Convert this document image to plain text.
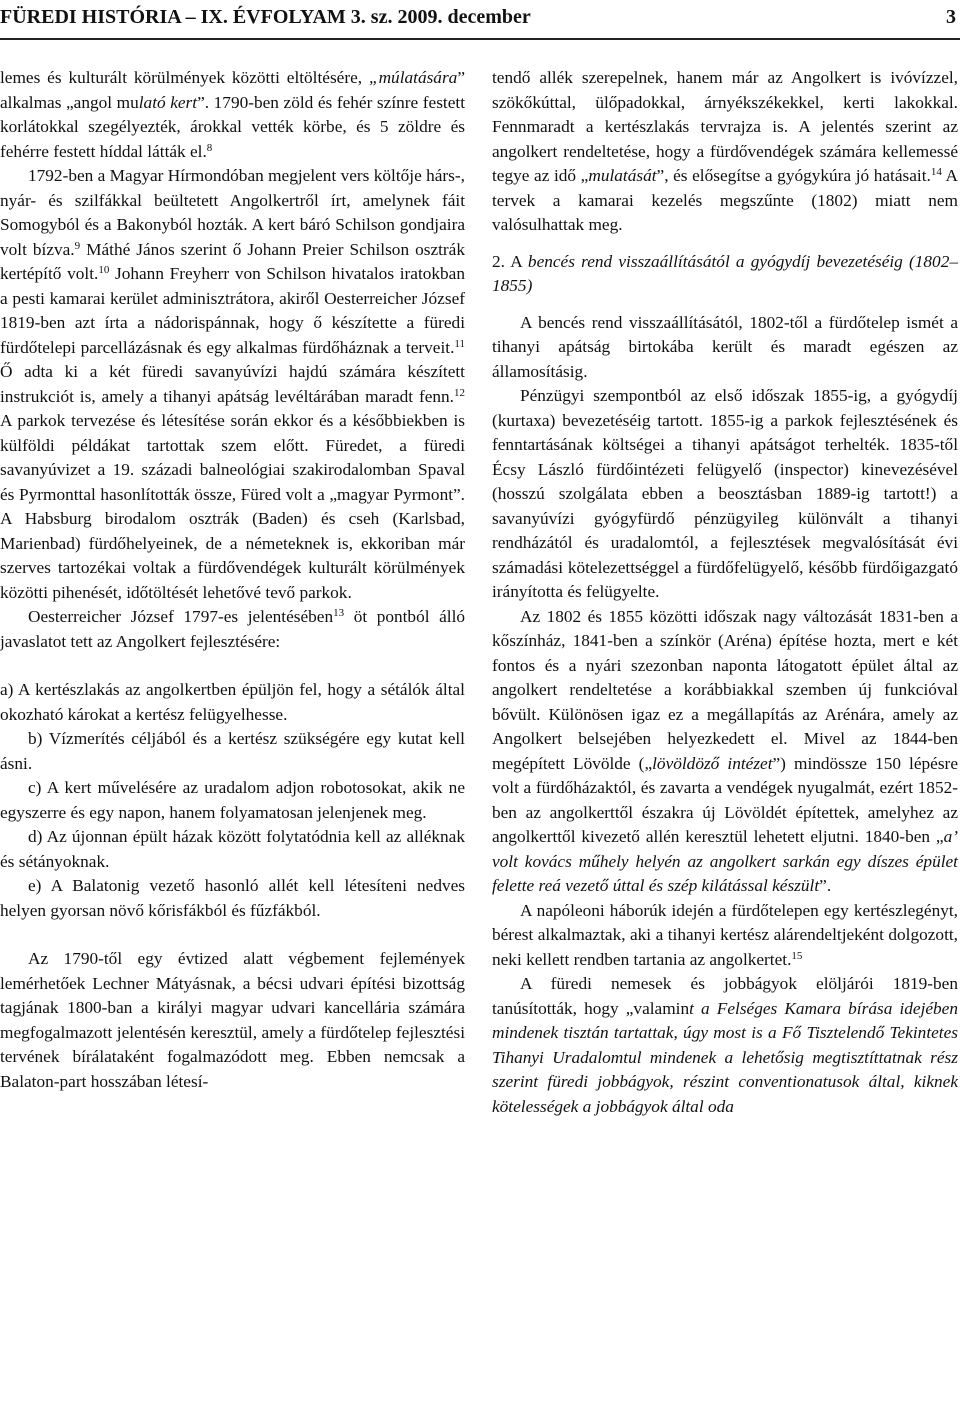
FÜREDI HISTÓRIA – IX. ÉVFOLYAM 3. sz. 2009. december	3

lemes és kulturált körülmények közötti eltöltésére, „múlatására” alkalmas „angol mulató kert”. 1790-ben zöld és fehér színre festett korlátokkal szegélyezték, árokkal vették körbe, és 5 zöldre és fehérre festett híddal látták el.$^8$

1792-ben a Magyar Hírmondóban megjelent vers költője hárs-, nyár- és szilfákkal beültetett Angolkertről írt, amelynek fáit Somogyból és a Bakonyból hozták. A kert báró Schilson gondjaira volt bízva.$^9$ Máthé János szerint ő Johann Preier Schilson osztrák kertépítő volt.$^{10}$ Johann Freyherr von Schilson hivatalos iratokban a pesti kamarai kerület adminisztrátora, akiről Oesterreicher József 1819-ben azt írta a nádorispánnak, hogy ő készítette a füredi fürdőtelepi parcellázásnak és egy alkalmas fürdőháznak a terveit.$^{11}$ Ő adta ki a két füredi savanyúvízi hajdú számára készített instrukciót is, amely a tihanyi apátság levéltárában maradt fenn.$^{12}$ A parkok tervezése és létesítése során ekkor és a későbbiekben is külföldi példákat tartottak szem előtt. Füredet, a füredi savanyúvizet a 19. századi balneológiai szakirodalomban Spaval és Pyrmonttal hasonlították össze, Füred volt a „magyar Pyrmont”. A Habsburg birodalom osztrák (Baden) és cseh (Karlsbad, Marienbad) fürdőhelyeinek, de a németeknek is, ekkoriban már szerves tartozékai voltak a fürdővendégek kulturált körülmények közötti pihenését, időtöltését lehetővé tevő parkok.

Oesterreicher József 1797-es jelentésében$^{13}$ öt pontból álló javaslatot tett az Angolkert fejlesztésére:

a) A kertészlakás az angolkertben épüljön fel, hogy a sétálók által okozható károkat a kertész felügyelhesse.

b) Vízmerítés céljából és a kertész szükségére egy kutat kell ásni.

c) A kert művelésére az uradalom adjon robotosokat, akik ne egyszerre és egy napon, hanem folyamatosan jelenjenek meg.

d) Az újonnan épült házak között folytatódnia kell az alléknak és sétányoknak.

e) A Balatonig vezető hasonló allét kell létesíteni nedves helyen gyorsan növő kőrisfákból és fűzfákból.

Az 1790-től egy évtized alatt végbement fejlemények lemérhetőek Lechner Mátyásnak, a bécsi udvari építési bizottság tagjának 1800-ban a királyi magyar udvari kancellária számára megfogalmazott jelentésén keresztül, amely a fürdőtelep fejlesztési tervének bírálataként fogalmazódott meg. Ebben nemcsak a Balaton-part hosszában létesí-

tendő allék szerepelnek, hanem már az Angolkert is ivóvízzel, szökőkúttal, ülőpadokkal, árnyékszékekkel, kerti lakokkal. Fennmaradt a kertészlakás tervrajza is. A jelentés szerint az angolkert rendeltetése, hogy a fürdővendégek számára kellemessé tegye az idő „mulatását”, és elősegítse a gyógykúra jó hatásait.$^{14}$ A tervek a kamarai kezelés megszűnte (1802) miatt nem valósulhattak meg.

2. A bencés rend visszaállításától a gyógydíj bevezetéséig (1802–1855)

A bencés rend visszaállításától, 1802-től a fürdőtelep ismét a tihanyi apátság birtokába került és maradt egészen az államosításig.

Pénzügyi szempontból az első időszak 1855-ig, a gyógydíj (kurtaxa) bevezetéséig tartott. 1855-ig a parkok fejlesztésének és fenntartásának költségei a tihanyi apátságot terhelték. 1835-től Écsy László fürdőintézeti felügyelő (inspector) kinevezésével (hosszú szolgálata ebben a beosztásban 1889-ig tartott!) a savanyúvízi gyógyfürdő pénzügyileg különvált a tihanyi rendházától és uradalomtól, a fejlesztések megvalósítását évi számadási kötelezettséggel a fürdőfelügyelő, később fürdőigazgató irányította és felügyelte.

Az 1802 és 1855 közötti időszak nagy változását 1831-ben a kőszínház, 1841-ben a színkör (Aréna) építése hozta, mert e két fontos és a nyári szezonban naponta látogatott épület által az angolkert rendeltetése a korábbiakkal szemben új funkcióval bővült. Különösen igaz ez a megállapítás az Arénára, amely az Angolkert belsejében helyezkedett el. Mivel az 1844-ben megépített Lövölde („lövöldöző intézet”) mindössze 150 lépésre volt a fürdőházaktól, és zavarta a vendégek nyugalmát, ezért 1852-ben az angolkerttől északra új Lövöldét építettek, amelyhez az angolkerttől kivezető allén keresztül lehetett eljutni. 1840-ben „a’ volt kovács műhely helyén az angolkert sarkán egy díszes épület felette reá vezető úttal és szép kilátással készült”.

A napóleoni háborúk idején a fürdőtelepen egy kertészlegényt, bérest alkalmaztak, aki a tihanyi kertész alárendeltjeként dolgozott, neki kellett rendben tartania az angolkertet.$^{15}$

A füredi nemesek és jobbágyok elöljárói 1819-ben tanúsították, hogy „valamint a Felséges Kamara bírása idejében mindenek tisztán tartattak, úgy most is a Fő Tisztelendő Tekintetes Tihanyi Uradalomtul mindenek a lehetősig megtisztíttatnak rész szerint füredi jobbágyok, részint conventionatusok által, kiknek kötelességek a jobbágyok által oda
